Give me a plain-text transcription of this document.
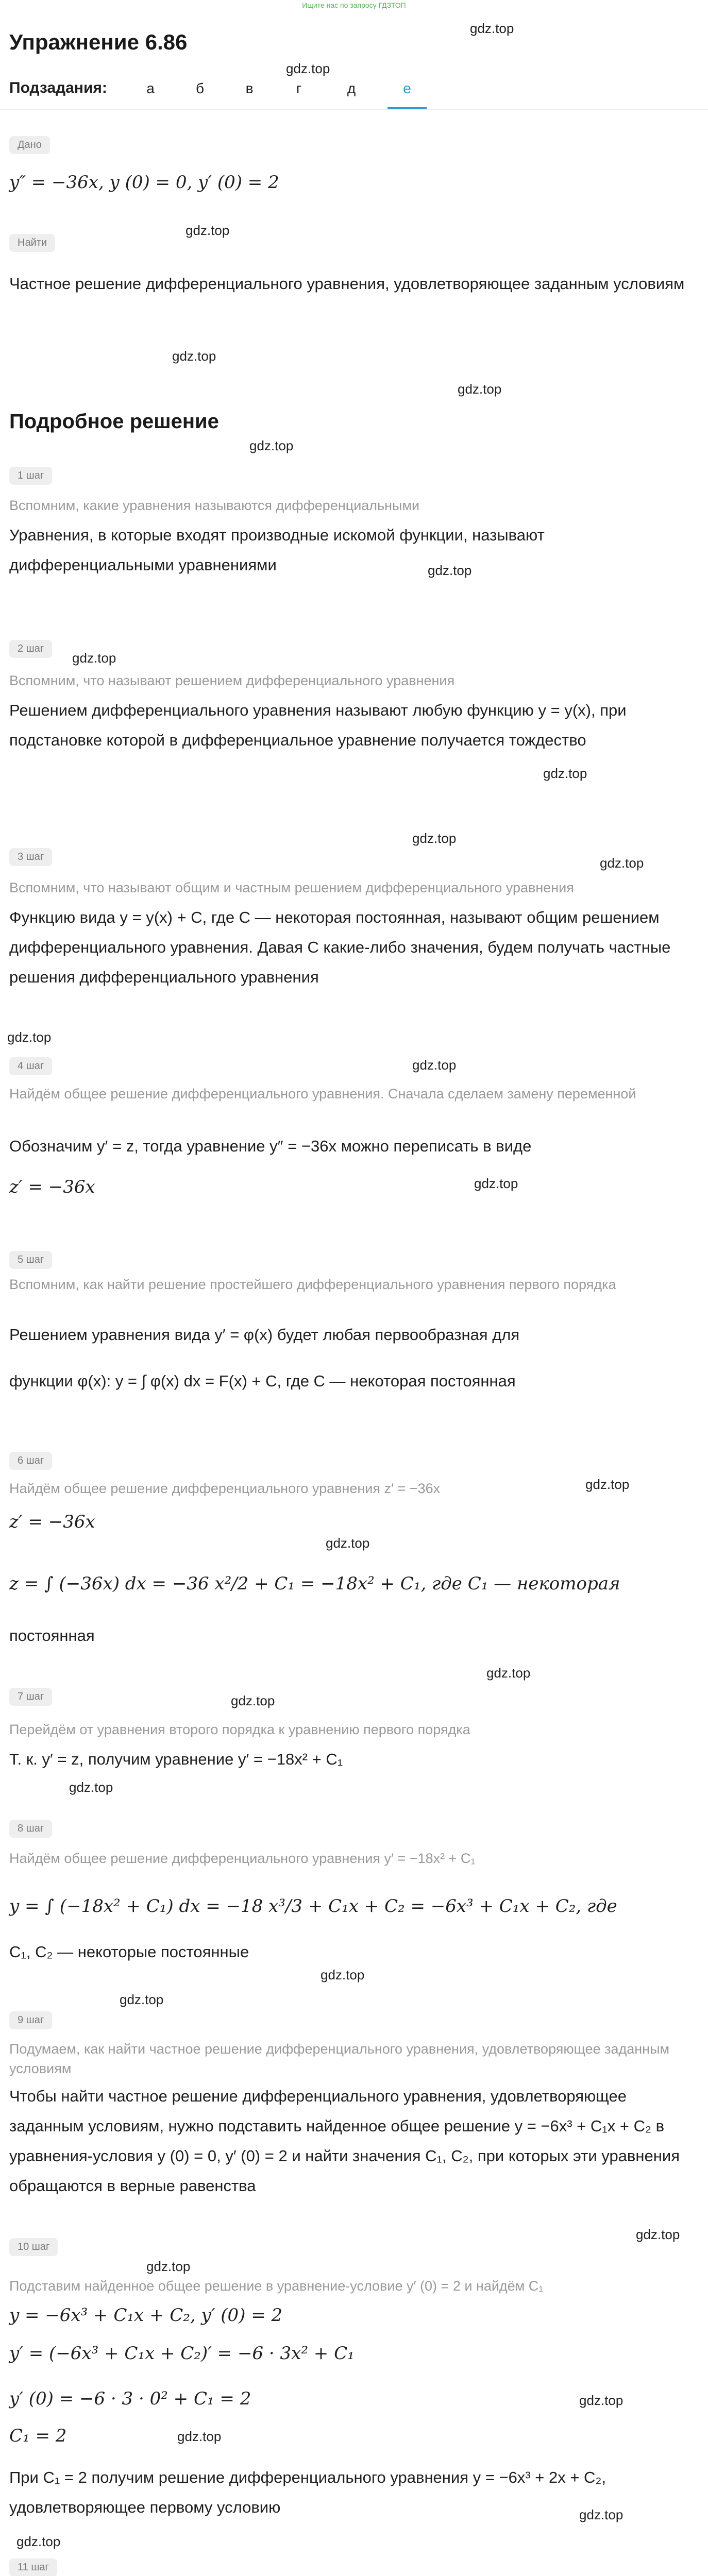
Ищите нас по запросу ГДЗТОП
Упражнение 6.86
gdz.top
gdz.top
Подзадания:	а	б	в	г	д	е
Дано
y″ = −36x, y (0) = 0, y′ (0) = 2
gdz.top
Найти
Частное решение дифференциального уравнения, удовлетворяющее заданным условиям
gdz.top
gdz.top
Подробное решение
gdz.top
1 шаг
Вспомним, какие уравнения называются дифференциальными
Уравнения, в которые входят производные искомой функции, называют дифференциальными уравнениями	gdz.top
2 шаг
gdz.top
Вспомним, что называют решением дифференциального уравнения
Решением дифференциального уравнения называют любую функцию y = y(x), при подстановке которой в дифференциальное уравнение получается тождество
gdz.top
gdz.top
3 шаг	gdz.top
Вспомним, что называют общим и частным решением дифференциального уравнения
Функцию вида y = y(x) + C, где C — некоторая постоянная, называют общим решением дифференциального уравнения. Давая C какие-либо значения, будем получать частные решения дифференциального уравнения
gdz.top
gdz.top
4 шаг
Найдём общее решение дифференциального уравнения. Сначала сделаем замену переменной
Обозначим y′ = z, тогда уравнение y″ = −36x можно переписать в виде
gdz.top
z′ = −36x
5 шаг
Вспомним, как найти решение простейшего дифференциального уравнения первого порядка
Решением уравнения вида y′ = φ(x) будет любая первообразная для
функции φ(x): y = ∫ φ(x) dx = F(x) + C, где C — некоторая постоянная
6 шаг
Найдём общее решение дифференциального уравнения z′ = −36x	gdz.top
z′ = −36x
gdz.top
z = ∫ (−36x) dx = −36 x²/2 + C₁ = −18x² + C₁, где C₁ — некоторая
постоянная
gdz.top
7 шаг	gdz.top
Перейдём от уравнения второго порядка к уравнению первого порядка
Т. к. y′ = z, получим уравнение y′ = −18x² + C₁
gdz.top
8 шаг
Найдём общее решение дифференциального уравнения y′ = −18x² + C₁
y = ∫ (−18x² + C₁) dx = −18 x³/3 + C₁x + C₂ = −6x³ + C₁x + C₂, где
C₁, C₂ — некоторые постоянные
gdz.top
gdz.top
9 шаг
Подумаем, как найти частное решение дифференциального уравнения, удовлетворяющее заданным условиям
Чтобы найти частное решение дифференциального уравнения, удовлетворяющее заданным условиям, нужно подставить найденное общее решение y = −6x³ + C₁x + C₂ в уравнения-условия y (0) = 0, y′ (0) = 2 и найти значения C₁, C₂, при которых эти уравнения обращаются в верные равенства
gdz.top
10 шаг
gdz.top
Подставим найденное общее решение в уравнение-условие y′ (0) = 2 и найдём C₁
y = −6x³ + C₁x + C₂, y′ (0) = 2
y′ = (−6x³ + C₁x + C₂)′ = −6 · 3x² + C₁
y′ (0) = −6 · 3 · 0² + C₁ = 2	gdz.top
C₁ = 2	gdz.top
При C₁ = 2 получим решение дифференциального уравнения y = −6x³ + 2x + C₂, удовлетворяющее первому условию	gdz.top
gdz.top
11 шаг
